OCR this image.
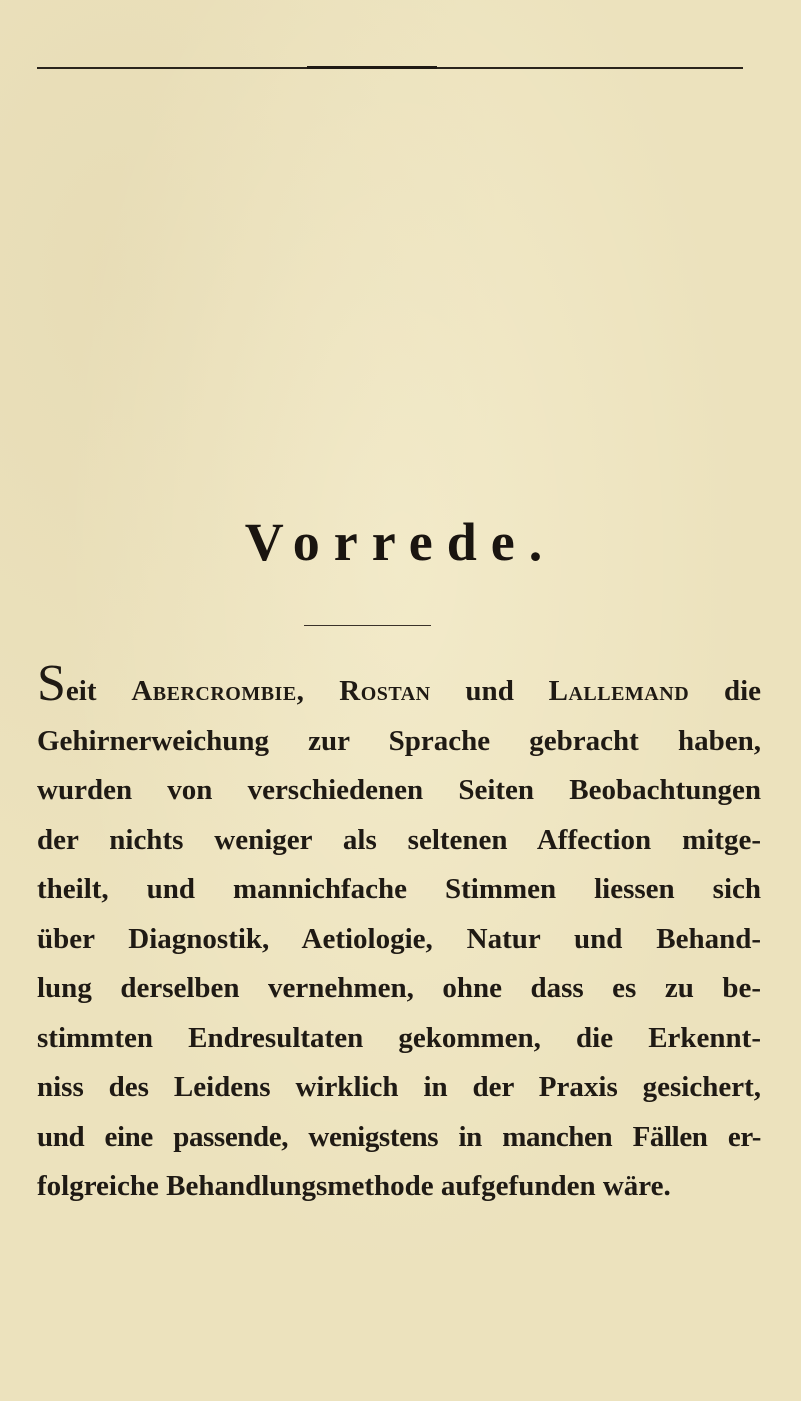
Vorrede.
Seit Abercrombie, Rostan und Lallemand die
Gehirnerweichung zur Sprache gebracht haben,
wurden von verschiedenen Seiten Beobachtungen
der nichts weniger als seltenen Affection mitge-
theilt, und mannichfache Stimmen liessen sich
über Diagnostik, Aetiologie, Natur und Behand-
lung derselben vernehmen, ohne dass es zu be-
stimmten Endresultaten gekommen, die Erkennt-
niss des Leidens wirklich in der Praxis gesichert,
und eine passende, wenigstens in manchen Fällen er-
folgreiche Behandlungsmethode aufgefunden wäre.
